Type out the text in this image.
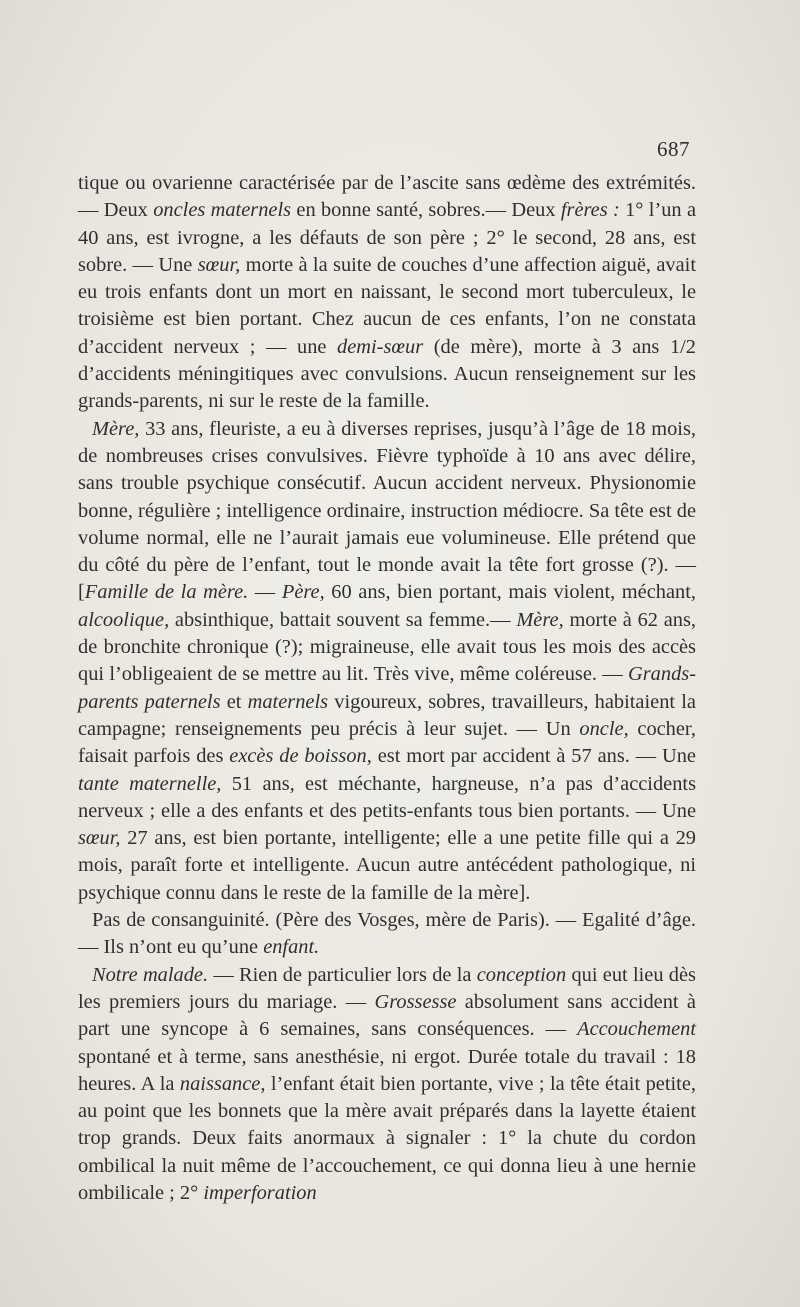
687

tique ou ovarienne caractérisée par de l’ascite sans œdème des extrémités. — Deux oncles maternels en bonne santé, sobres.— Deux frères : 1° l’un a 40 ans, est ivrogne, a les défauts de son père ; 2° le second, 28 ans, est sobre. — Une sœur, morte à la suite de couches d’une affection aiguë, avait eu trois enfants dont un mort en naissant, le second mort tuberculeux, le troisième est bien portant. Chez aucun de ces enfants, l’on ne constata d’accident nerveux ; — une demi-sœur (de mère), morte à 3 ans 1/2 d’accidents méningitiques avec convulsions. Aucun renseignement sur les grands-parents, ni sur le reste de la famille.

Mère, 33 ans, fleuriste, a eu à diverses reprises, jusqu’à l’âge de 18 mois, de nombreuses crises convulsives. Fièvre typhoïde à 10 ans avec délire, sans trouble psychique consécutif. Aucun accident nerveux. Physionomie bonne, régulière ; intelligence ordinaire, instruction médiocre. Sa tête est de volume normal, elle ne l’aurait jamais eue volumineuse. Elle prétend que du côté du père de l’enfant, tout le monde avait la tête fort grosse (?). — [Famille de la mère. — Père, 60 ans, bien portant, mais violent, méchant, alcoolique, absinthique, battait souvent sa femme.— Mère, morte à 62 ans, de bronchite chronique (?); migraineuse, elle avait tous les mois des accès qui l’obligeaient de se mettre au lit. Très vive, même coléreuse. — Grands-parents paternels et maternels vigoureux, sobres, travailleurs, habitaient la campagne; renseignements peu précis à leur sujet. — Un oncle, cocher, faisait parfois des excès de boisson, est mort par accident à 57 ans. — Une tante maternelle, 51 ans, est méchante, hargneuse, n’a pas d’accidents nerveux ; elle a des enfants et des petits-enfants tous bien portants. — Une sœur, 27 ans, est bien portante, intelligente; elle a une petite fille qui a 29 mois, paraît forte et intelligente. Aucun autre antécédent pathologique, ni psychique connu dans le reste de la famille de la mère].

Pas de consanguinité. (Père des Vosges, mère de Paris). — Egalité d’âge. — Ils n’ont eu qu’une enfant.

Notre malade. — Rien de particulier lors de la conception qui eut lieu dès les premiers jours du mariage. — Grossesse absolument sans accident à part une syncope à 6 semaines, sans conséquences. — Accouchement spontané et à terme, sans anesthésie, ni ergot. Durée totale du travail : 18 heures. A la naissance, l’enfant était bien portante, vive ; la tête était petite, au point que les bonnets que la mère avait préparés dans la layette étaient trop grands. Deux faits anormaux à signaler : 1° la chute du cordon ombilical la nuit même de l’accouchement, ce qui donna lieu à une hernie ombilicale ; 2° imperforation
